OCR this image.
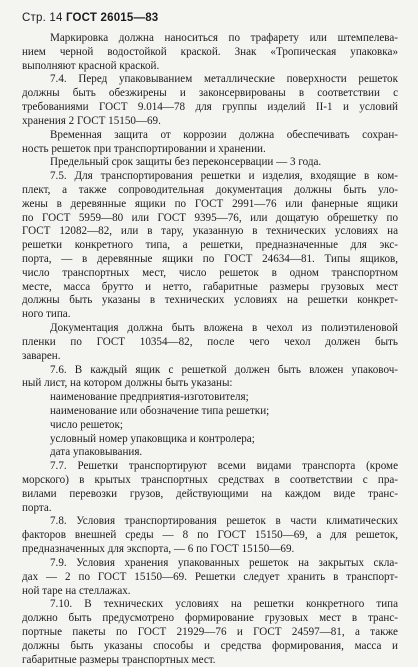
Стр. 14 ГОСТ 26015—83
Маркировка должна наноситься по трафарету или штемпелева-
нием черной водостойкой краской. Знак «Тропическая упаковка»
выполняют красной краской.
7.4. Перед упаковыванием металлические поверхности решеток
должны быть обезжирены и законсервированы в соответствии с
требованиями ГОСТ 9.014—78 для группы изделий II-1 и условий
хранения 2 ГОСТ 15150—69.
Временная защита от коррозии должна обеспечивать сохран-
ность решеток при транспортировании и хранении.
Предельный срок защиты без переконсервации — 3 года.
7.5. Для транспортирования решетки и изделия, входящие в ком-
плект, а также сопроводительная документация должны быть уло-
жены в деревянные ящики по ГОСТ 2991—76 или фанерные ящики
по ГОСТ 5959—80 или ГОСТ 9395—76, или дощатую обрешетку по
ГОСТ 12082—82, или в тару, указанную в технических условиях на
решетки конкретного типа, а решетки, предназначенные для экс-
порта, — в деревянные ящики по ГОСТ 24634—81. Типы ящиков,
число транспортных мест, число решеток в одном транспортном
месте, масса брутто и нетто, габаритные размеры грузовых мест
должны быть указаны в технических условиях на решетки конкрет-
ного типа.
Документация должна быть вложена в чехол из полиэтиленовой
пленки по ГОСТ 10354—82, после чего чехол должен быть
заварен.
7.6. В каждый ящик с решеткой должен быть вложен упаковоч-
ный лист, на котором должны быть указаны:
наименование предприятия-изготовителя;
наименование или обозначение типа решетки;
число решеток;
условный номер упаковщика и контролера;
дата упаковывания.
7.7. Решетки транспортируют всеми видами транспорта (кроме
морского) в крытых транспортных средствах в соответствии с пра-
вилами перевозки грузов, действующими на каждом виде транс-
порта.
7.8. Условия транспортирования решеток в части климатических
факторов внешней среды — 8 по ГОСТ 15150—69, а для решеток,
предназначенных для экспорта, — 6 по ГОСТ 15150—69.
7.9. Условия хранения упакованных решеток на закрытых скла-
дах — 2 по ГОСТ 15150—69. Решетки следует хранить в транспорт-
ной таре на стеллажах.
7.10. В технических условиях на решетки конкретного типа
должно быть предусмотрено формирование грузовых мест в транс-
портные пакеты по ГОСТ 21929—76 и ГОСТ 24597—81, а также
должны быть указаны способы и средства формирования, масса и
габаритные размеры транспортных мест.
